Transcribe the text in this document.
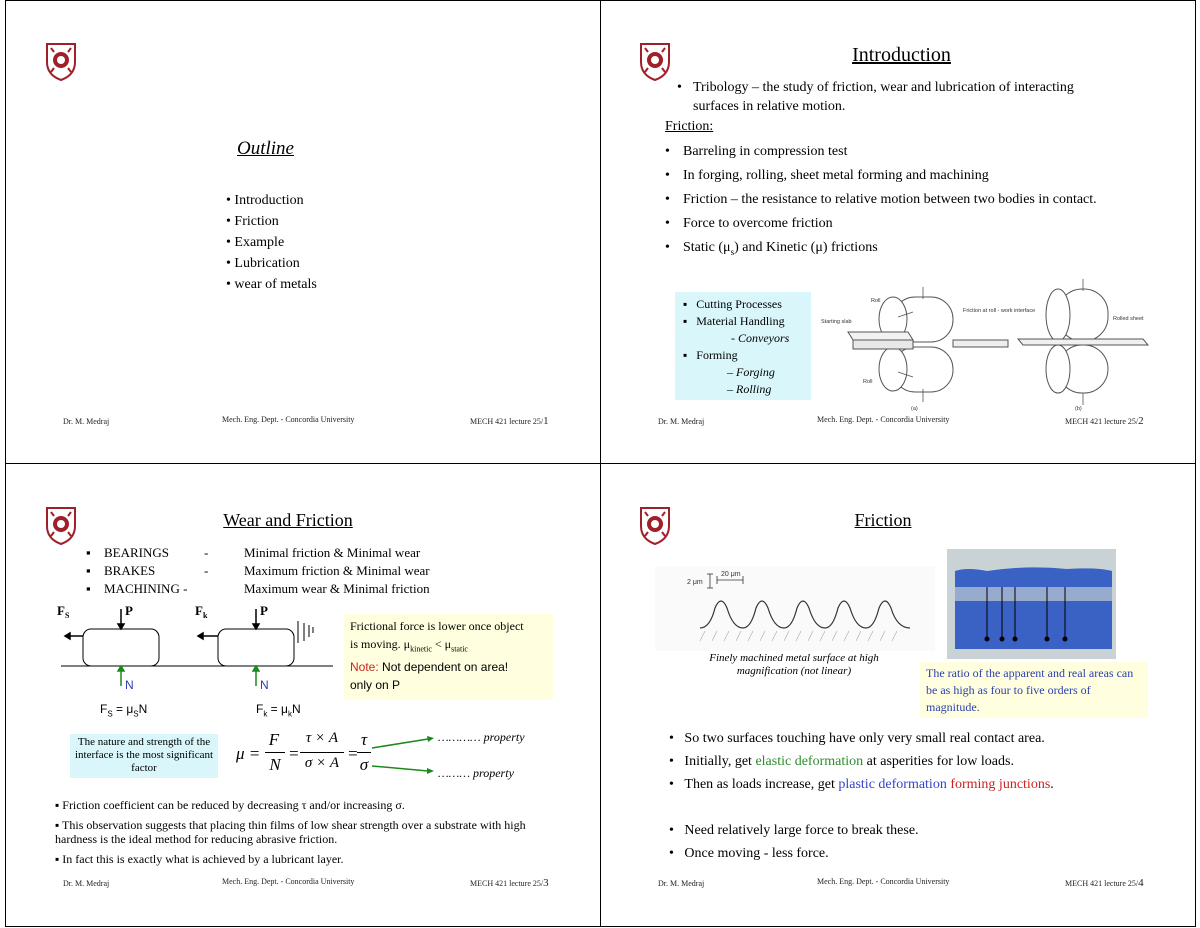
Outline
• Introduction
• Friction
• Example
• Lubrication
• wear of metals
Dr. M. Medraj	Mech. Eng. Dept. - Concordia University	MECH 421 lecture 25/1
Introduction
• Tribology – the study of friction, wear and lubrication of interacting surfaces in relative motion.
Friction:
• Barreling in compression test
• In forging, rolling, sheet metal forming and machining
• Friction – the resistance to relative motion between two bodies in contact.
• Force to overcome friction
• Static $(\mu_s)$ and Kinetic (μ) frictions
▪   Cutting Processes
▪   Material Handling
- Conveyors
▪   Forming
– Forging
– Rolling
Roll
Starting slab
Roll
Friction at roll - work interface
Rolled sheet
(a)	(b)
Dr. M. Medraj	Mech. Eng. Dept. - Concordia University	MECH 421 lecture 25/2
Wear and Friction
▪	BEARINGS	-	Minimal friction & Minimal wear
▪	BRAKES	-	Maximum friction & Minimal wear
▪	MACHINING -	Maximum wear & Minimal friction
$F_S$	$F_k$
P	P
N	N
$F_S = \mu_SN$	$F_k = \mu_kN$
Frictional force is lower once object
is moving. $\mu_{kinetic} < \mu_{static}$
Note: Not dependent on area!
only on P
The nature and strength of the interface is the most significant factor
μ =
F
N
=
τ × A
σ × A =
τ
σ
………… property
……… property
▪ Friction coefficient can be reduced by decreasing τ and/or increasing σ.
▪ This observation suggests that placing thin films of low shear strength over a substrate with high hardness is the ideal method for reducing abrasive friction.
▪ In fact this is exactly what is achieved by a lubricant layer.
Dr. M. Medraj	Mech. Eng. Dept. - Concordia University	MECH 421 lecture 25/3
Friction
2 μm
20 μm
Finely machined metal surface at high magnification (not linear)	The ratio of the apparent and real areas can be as high as four to five orders of magnitude.
•   So two surfaces touching have only very small real contact area.
•   Initially, get elastic deformation at asperities for low loads.
•   Then as loads increase, get plastic deformation forming junctions.
•   Need relatively large force to break these.
•   Once moving - less force.
Dr. M. Medraj	Mech. Eng. Dept. - Concordia University	MECH 421 lecture 25/4
